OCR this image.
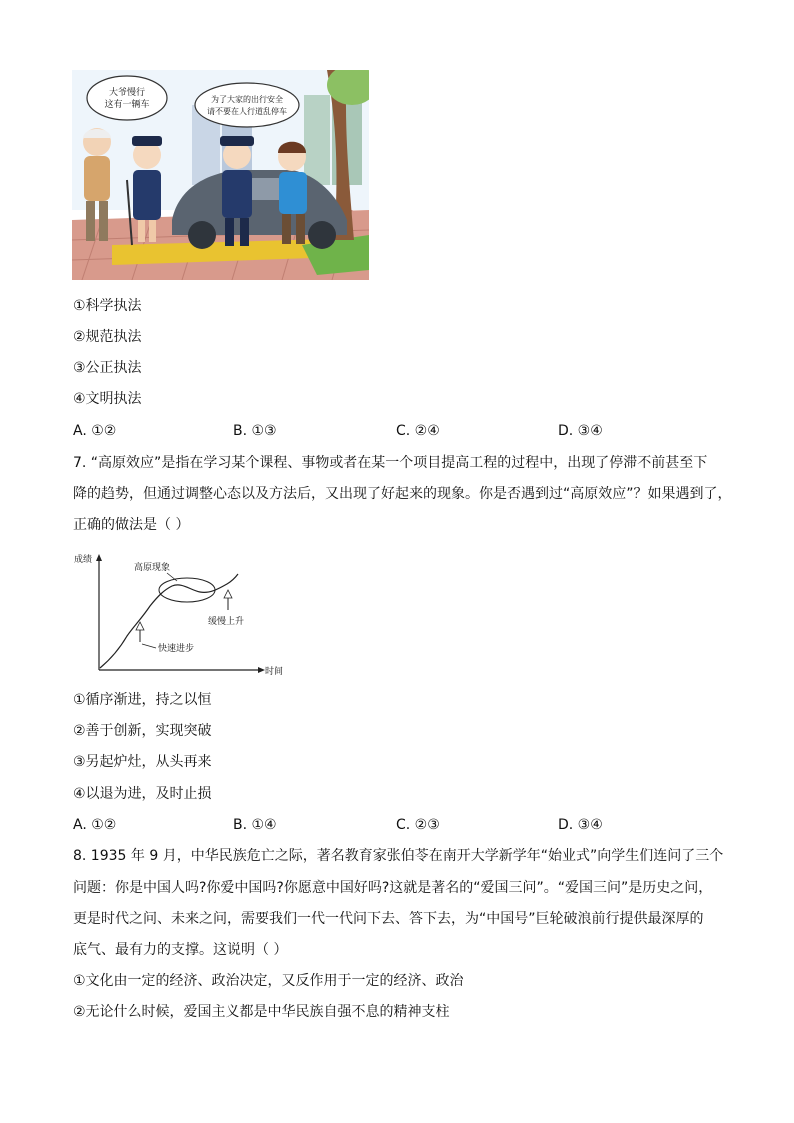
大爷慢行
这有一辆车
为了大家的出行安全
请不要在人行道乱停车
①科学执法
②规范执法
③公正执法
④文明执法
A. ①②	B. ①③	C. ②④	D. ③④
7. “高原效应”是指在学习某个课程、事物或者在某一个项目提高工程的过程中，出现了停滞不前甚至下
降的趋势，但通过调整心态以及方法后，又出现了好起来的现象。你是否遇到过“高原效应”？如果遇到了，
正确的做法是（ ）
成绩
时间
高原现象
缓慢上升
快速进步
①循序渐进，持之以恒
②善于创新，实现突破
③另起炉灶，从头再来
④以退为进，及时止损
A. ①②	B. ①④	C. ②③	D. ③④
8. 1935 年 9 月，中华民族危亡之际，著名教育家张伯苓在南开大学新学年“始业式”向学生们连问了三个
问题：你是中国人吗?你爱中国吗?你愿意中国好吗?这就是著名的“爱国三问”。“爱国三问”是历史之问，
更是时代之问、未来之问，需要我们一代一代问下去、答下去，为“中国号”巨轮破浪前行提供最深厚的
底气、最有力的支撑。这说明（ ）
①文化由一定的经济、政治决定，又反作用于一定的经济、政治
②无论什么时候，爱国主义都是中华民族自强不息的精神支柱
